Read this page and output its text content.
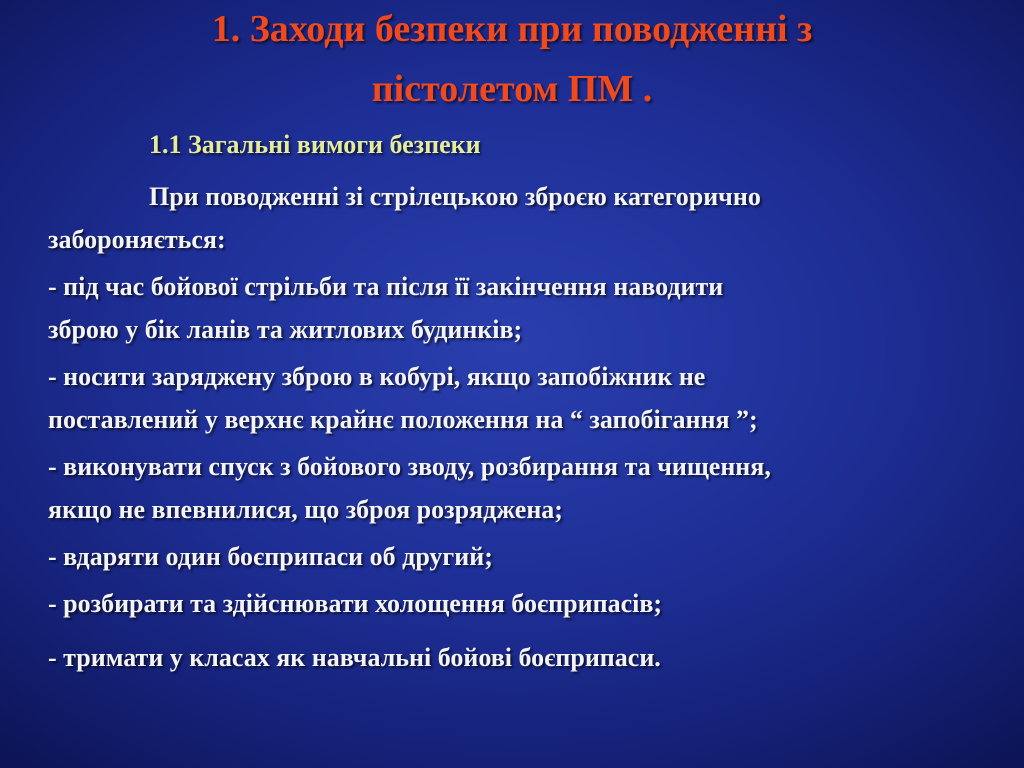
1. Заходи безпеки при поводженні з
пістолетом ПМ .
1.1 Загальні вимоги безпеки
При поводженні зі стрілецькою зброєю категорично
забороняється:
- під час бойової стрільби та після її закінчення наводити
зброю у бік ланів та житлових будинків;
- носити заряджену зброю в кобурі, якщо запобіжник не
поставлений у верхнє крайнє положення на “ запобігання ”;
- виконувати спуск з бойового зводу, розбирання та чищення,
якщо не впевнилися, що зброя розряджена;
- вдаряти один боєприпаси об другий;
- розбирати та здійснювати холощення боєприпасів;
- тримати у класах як навчальні бойові боєприпаси.
